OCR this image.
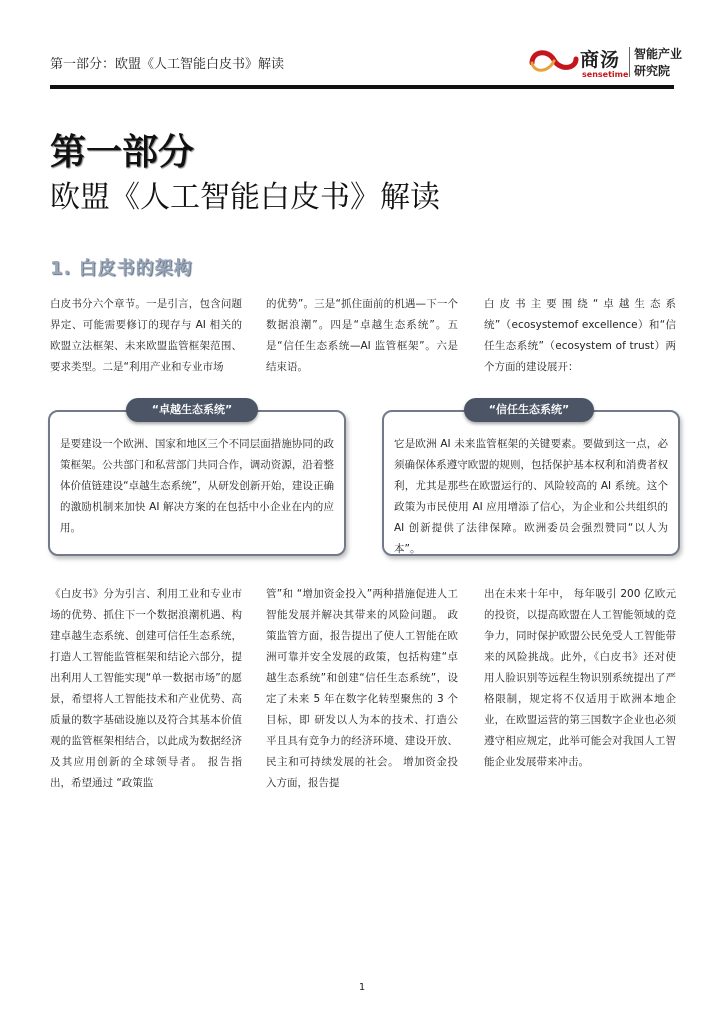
第一部分：欧盟《人工智能白皮书》解读	商汤
sensetime
智能产业
研究院
第一部分
欧盟《人工智能白皮书》解读
1. 白皮书的架构

白皮书分六个章节。一是引言，包含问题界定、可能需要修订的现存与 AI 相关的欧盟立法框架、未来欧盟监管框架范围、要求类型。二是“利用产业和专业市场

的优势”。三是“抓住面前的机遇—下一个数据浪潮”。四是“卓越生态系统”。五是“信任生态系统—AI 监管框架”。六是结束语。

白皮书主要围绕“卓越生态系统”（ecosystemof excellence）和“信任生态系统”（ecosystem of trust）两个方面的建设展开：

是要建设一个欧洲、国家和地区三个不同层面措施协同的政策框架。公共部门和私营部门共同合作，调动资源，沿着整体价值链建设“卓越生态系统”，从研发创新开始，建设正确的激励机制来加快 AI 解决方案的在包括中小企业在内的应用。

“卓越生态系统”

它是欧洲 AI 未来监管框架的关键要素。要做到这一点，必须确保体系遵守欧盟的规则，包括保护基本权利和消费者权利，尤其是那些在欧盟运行的、风险较高的 AI 系统。这个政策为市民使用 AI 应用增添了信心，为企业和公共组织的 AI 创新提供了法律保障。欧洲委员会强烈赞同“以人为本”。

“信任生态系统”

《白皮书》分为引言、利用工业和专业市场的优势、抓住下一个数据浪潮机遇、构建卓越生态系统、创建可信任生态系统，打造人工智能监管框架和结论六部分，提出利用人工智能实现“单一数据市场”的愿景，希望将人工智能技术和产业优势、高质量的数字基础设施以及符合其基本价值观的监管框架相结合，以此成为数据经济及其应用创新的全球领导者。 报告指出，希望通过 “政策监

管”和 “增加资金投入”两种措施促进人工智能发展并解决其带来的风险问题。 政策监管方面，报告提出了使人工智能在欧洲可靠并安全发展的政策，包括构建“卓越生态系统”和创建“信任生态系统”，设定了未来 5 年在数字化转型聚焦的 3 个目标，即 研发以人为本的技术、打造公平且具有竞争力的经济环境、建设开放、民主和可持续发展的社会。 增加资金投入方面，报告提

出在未来十年中， 每年吸引 200 亿欧元的投资，以提高欧盟在人工智能领域的竞争力，同时保护欧盟公民免受人工智能带来的风险挑战。此外，《白皮书》还对使用人脸识别等远程生物识别系统提出了严格限制，规定将不仅适用于欧洲本地企业，在欧盟运营的第三国数字企业也必须遵守相应规定，此举可能会对我国人工智能企业发展带来冲击。

1
